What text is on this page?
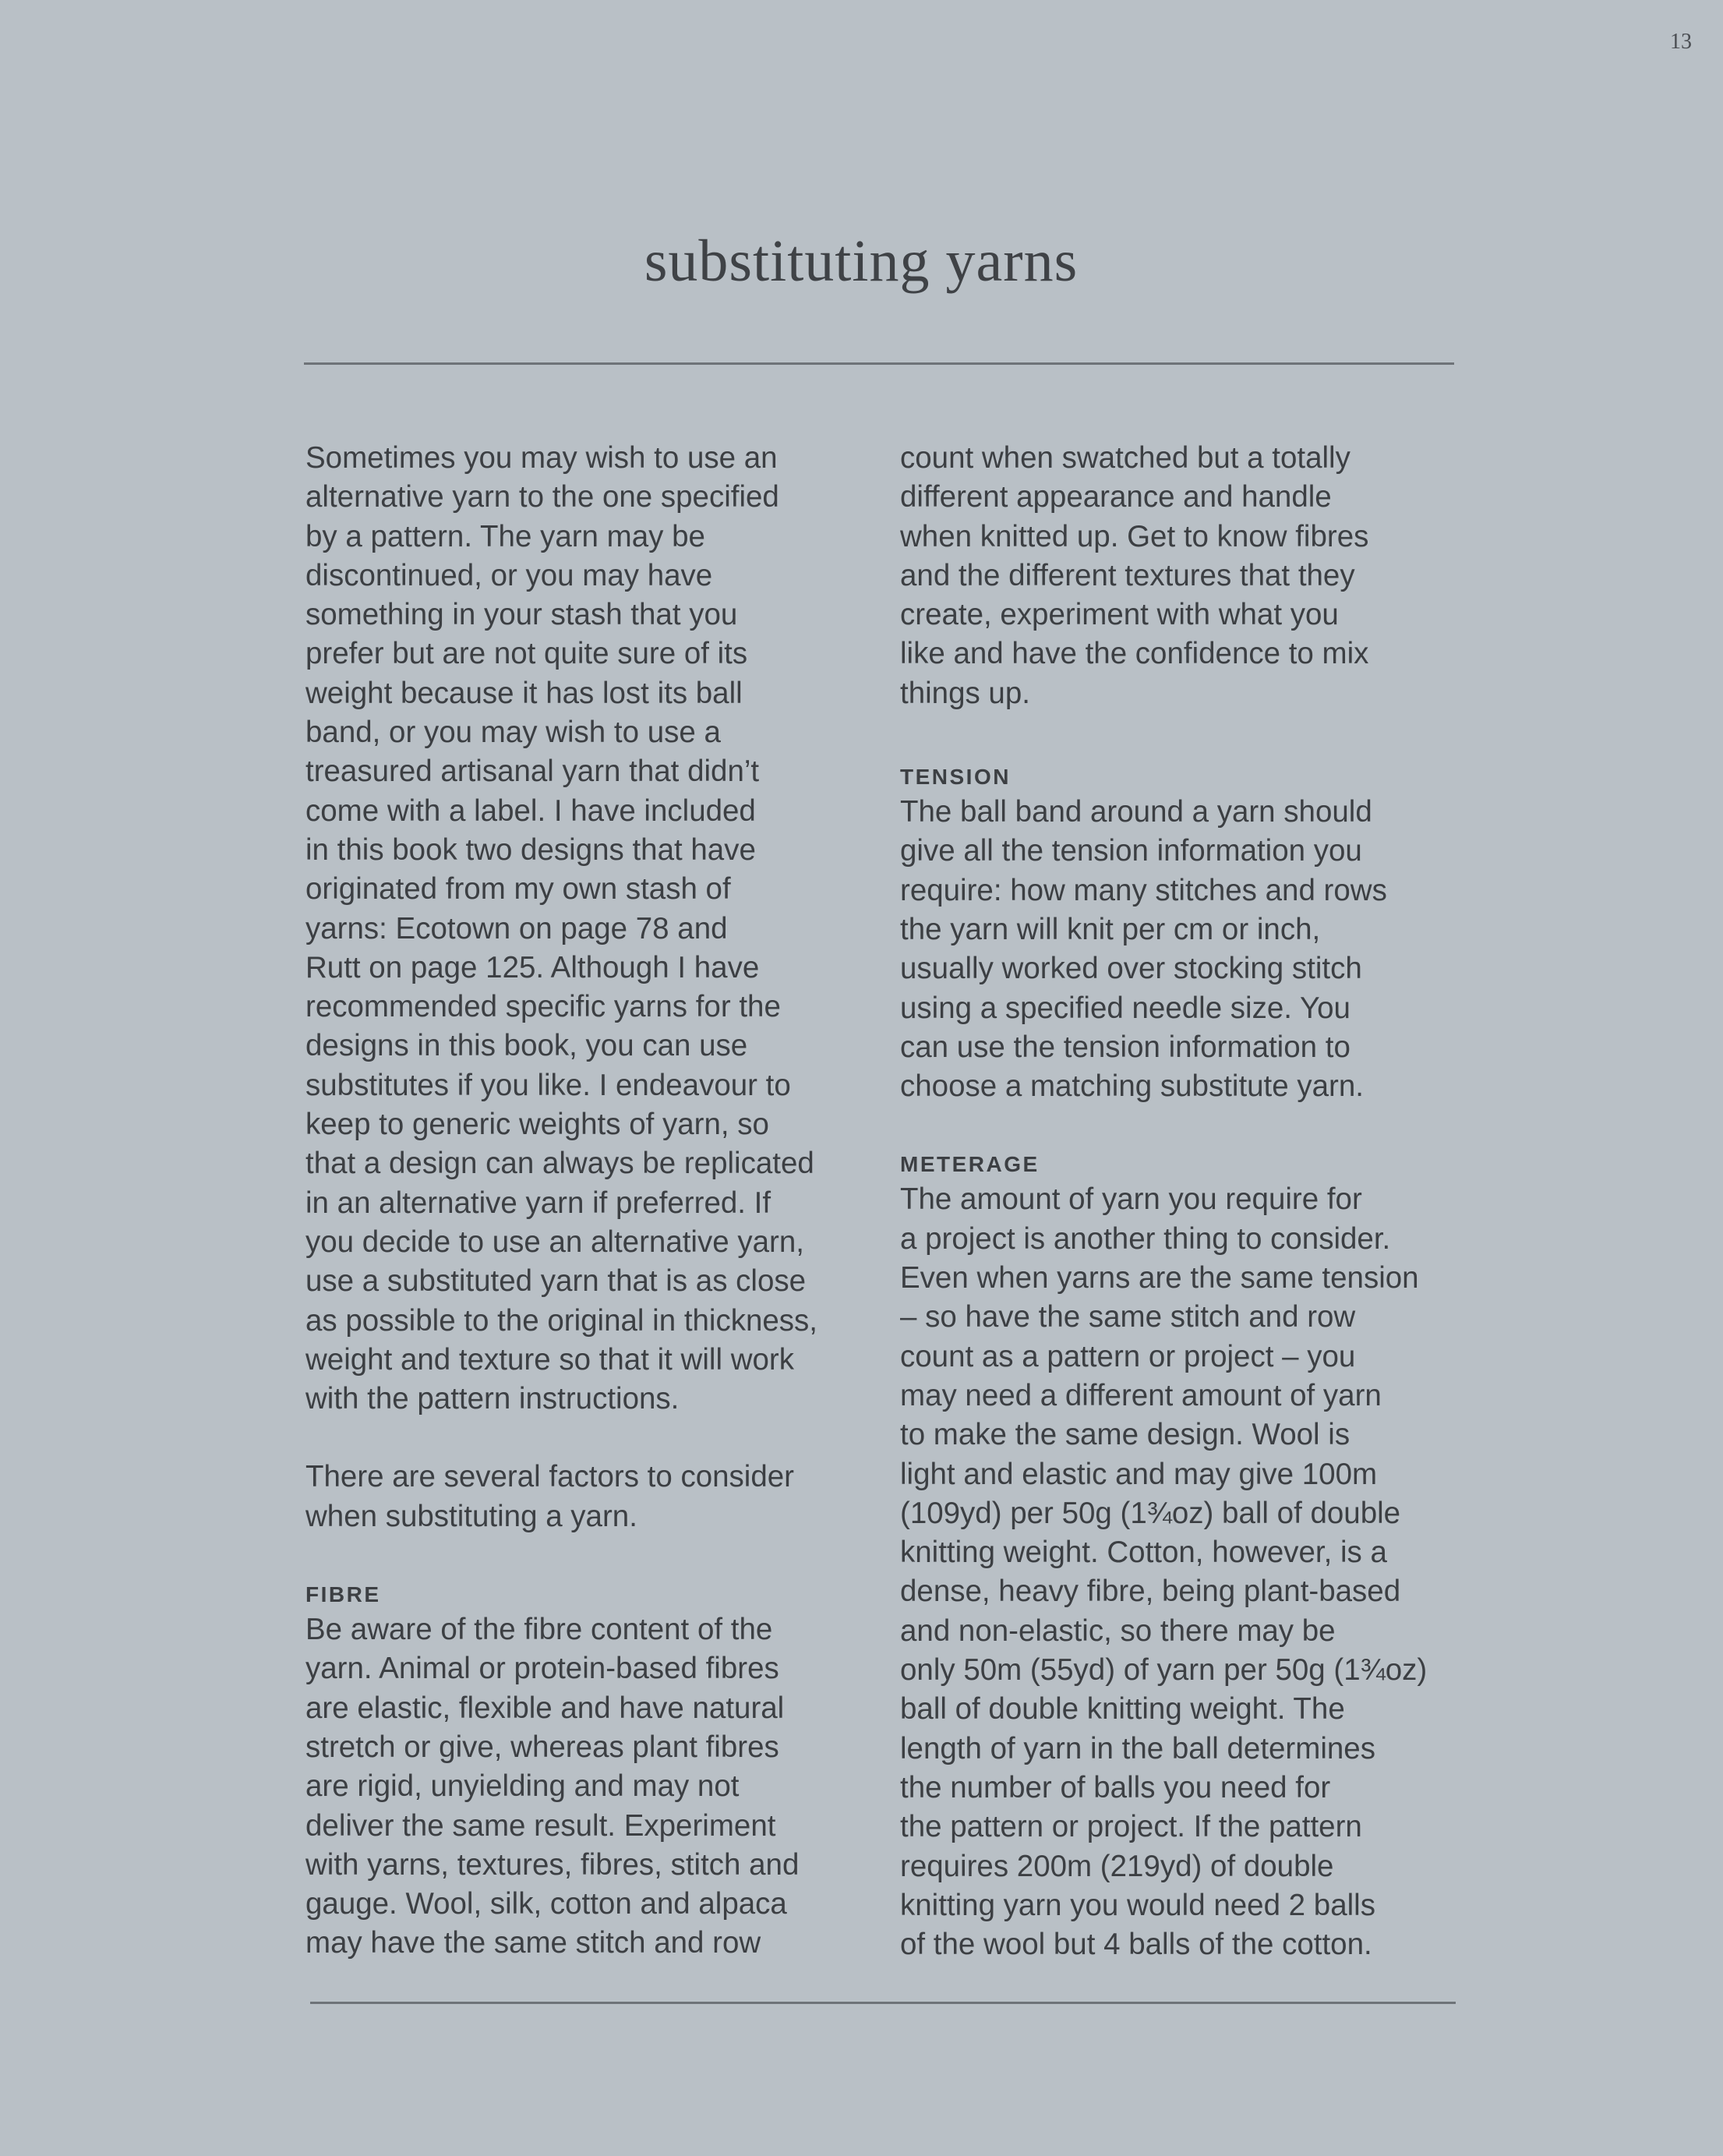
13
substituting yarns

Sometimes you may wish to use an
alternative yarn to the one specified
by a pattern. The yarn may be
discontinued, or you may have
something in your stash that you
prefer but are not quite sure of its
weight because it has lost its ball
band, or you may wish to use a
treasured artisanal yarn that didn’t
come with a label. I have included
in this book two designs that have
originated from my own stash of
yarns: Ecotown on page 78 and
Rutt on page 125. Although I have
recommended specific yarns for the
designs in this book, you can use
substitutes if you like. I endeavour to
keep to generic weights of yarn, so
that a design can always be replicated
in an alternative yarn if preferred. If
you decide to use an alternative yarn,
use a substituted yarn that is as close
as possible to the original in thickness,
weight and texture so that it will work
with the pattern instructions.

There are several factors to consider
when substituting a yarn.

FIBRE

Be aware of the fibre content of the
yarn. Animal or protein-based fibres
are elastic, flexible and have natural
stretch or give, whereas plant fibres
are rigid, unyielding and may not
deliver the same result. Experiment
with yarns, textures, fibres, stitch and
gauge. Wool, silk, cotton and alpaca
may have the same stitch and row

count when swatched but a totally
different appearance and handle
when knitted up. Get to know fibres
and the different textures that they
create, experiment with what you
like and have the confidence to mix
things up.

TENSION

The ball band around a yarn should
give all the tension information you
require: how many stitches and rows
the yarn will knit per cm or inch,
usually worked over stocking stitch
using a specified needle size. You
can use the tension information to
choose a matching substitute yarn.

METERAGE

The amount of yarn you require for
a project is another thing to consider.
Even when yarns are the same tension
– so have the same stitch and row
count as a pattern or project – you
may need a different amount of yarn
to make the same design. Wool is
light and elastic and may give 100m
(109yd) per 50g (1¾oz) ball of double
knitting weight. Cotton, however, is a
dense, heavy fibre, being plant-based
and non-elastic, so there may be
only 50m (55yd) of yarn per 50g (1¾oz)
ball of double knitting weight. The
length of yarn in the ball determines
the number of balls you need for
the pattern or project. If the pattern
requires 200m (219yd) of double
knitting yarn you would need 2 balls
of the wool but 4 balls of the cotton.
